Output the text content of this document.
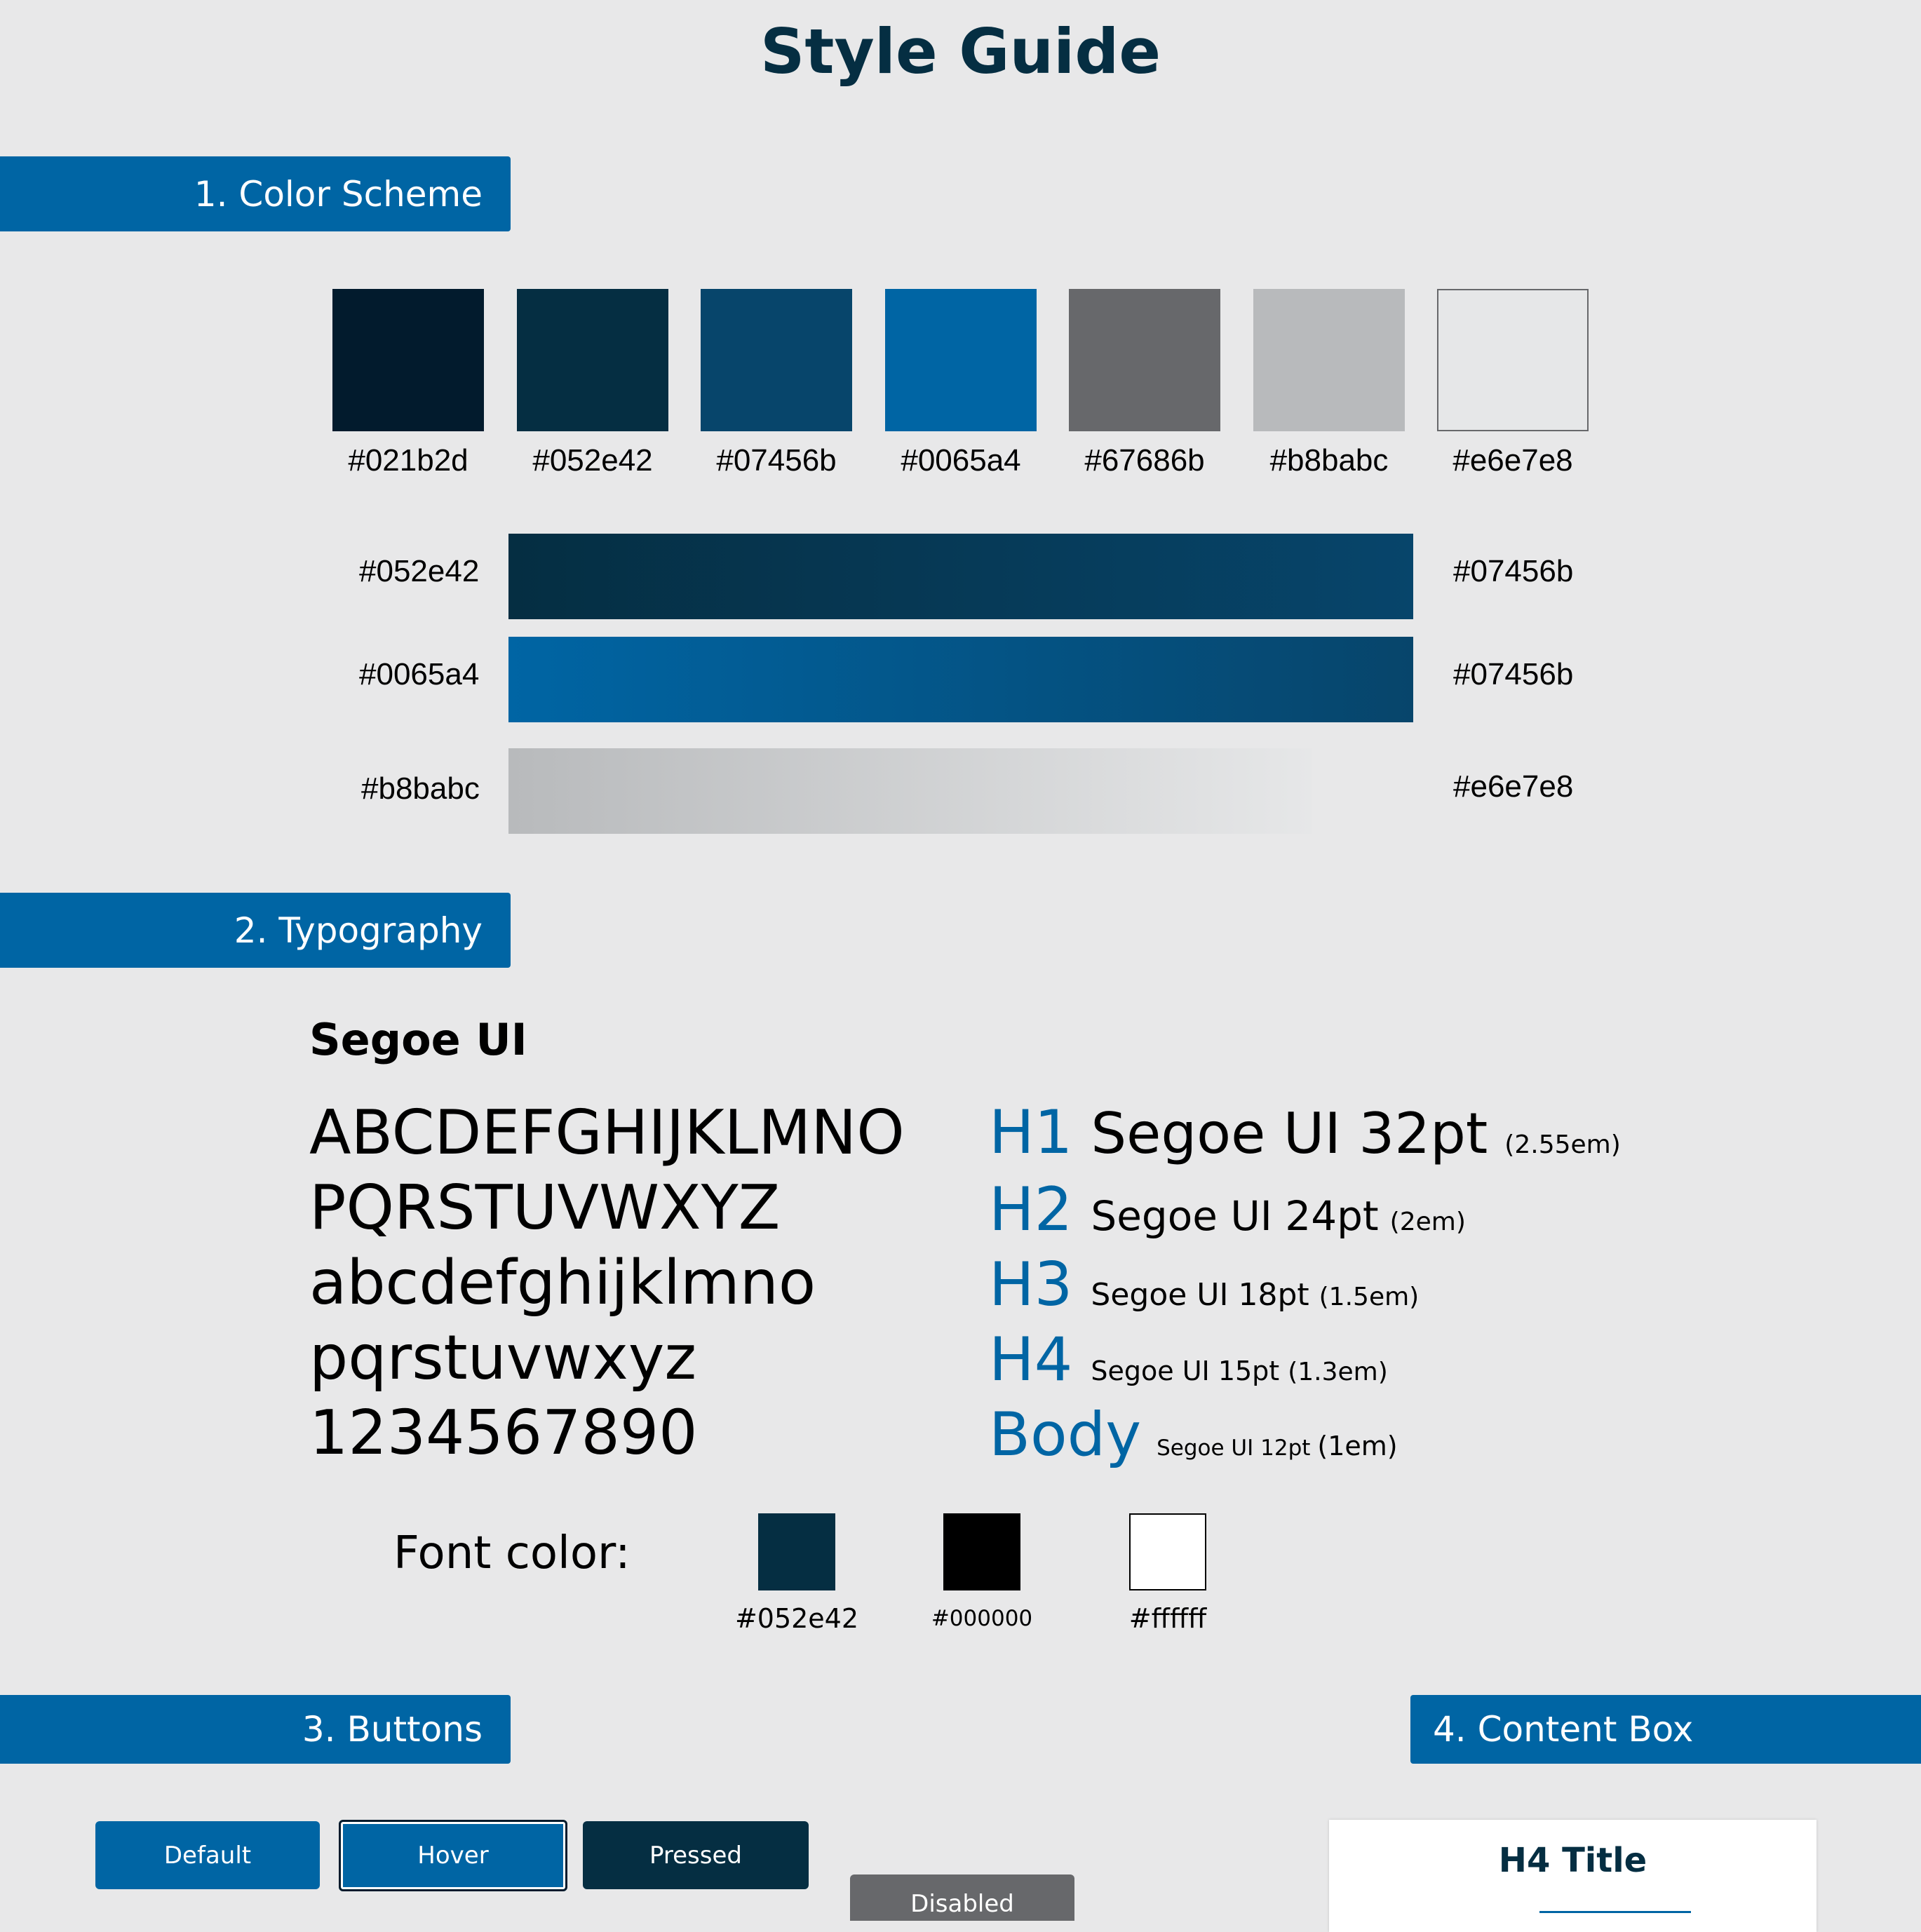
Style Guide
1. Color Scheme
#021b2d	#052e42	#07456b	#0065a4	#67686b	#b8babc	#e6e7e8
#052e42	#07456b
#0065a4	#07456b
#b8babc	#e6e7e8
2. Typography
Segoe UI
ABCDEFGHIJKLMNO
PQRSTUVWXYZ
abcdefghijklmno
pqrstuvwxyz
1234567890
H1 Segoe UI 32pt (2.55em)
H2 Segoe UI 24pt (2em)
H3 Segoe UI 18pt (1.5em)
H4 Segoe UI 15pt (1.3em)
Body Segoe UI 12pt (1em)
Font color:
#052e42	#000000	#ffffff
3. Buttons	4. Content Box
Default	Hover	Pressed
Disabled
H4 Title
